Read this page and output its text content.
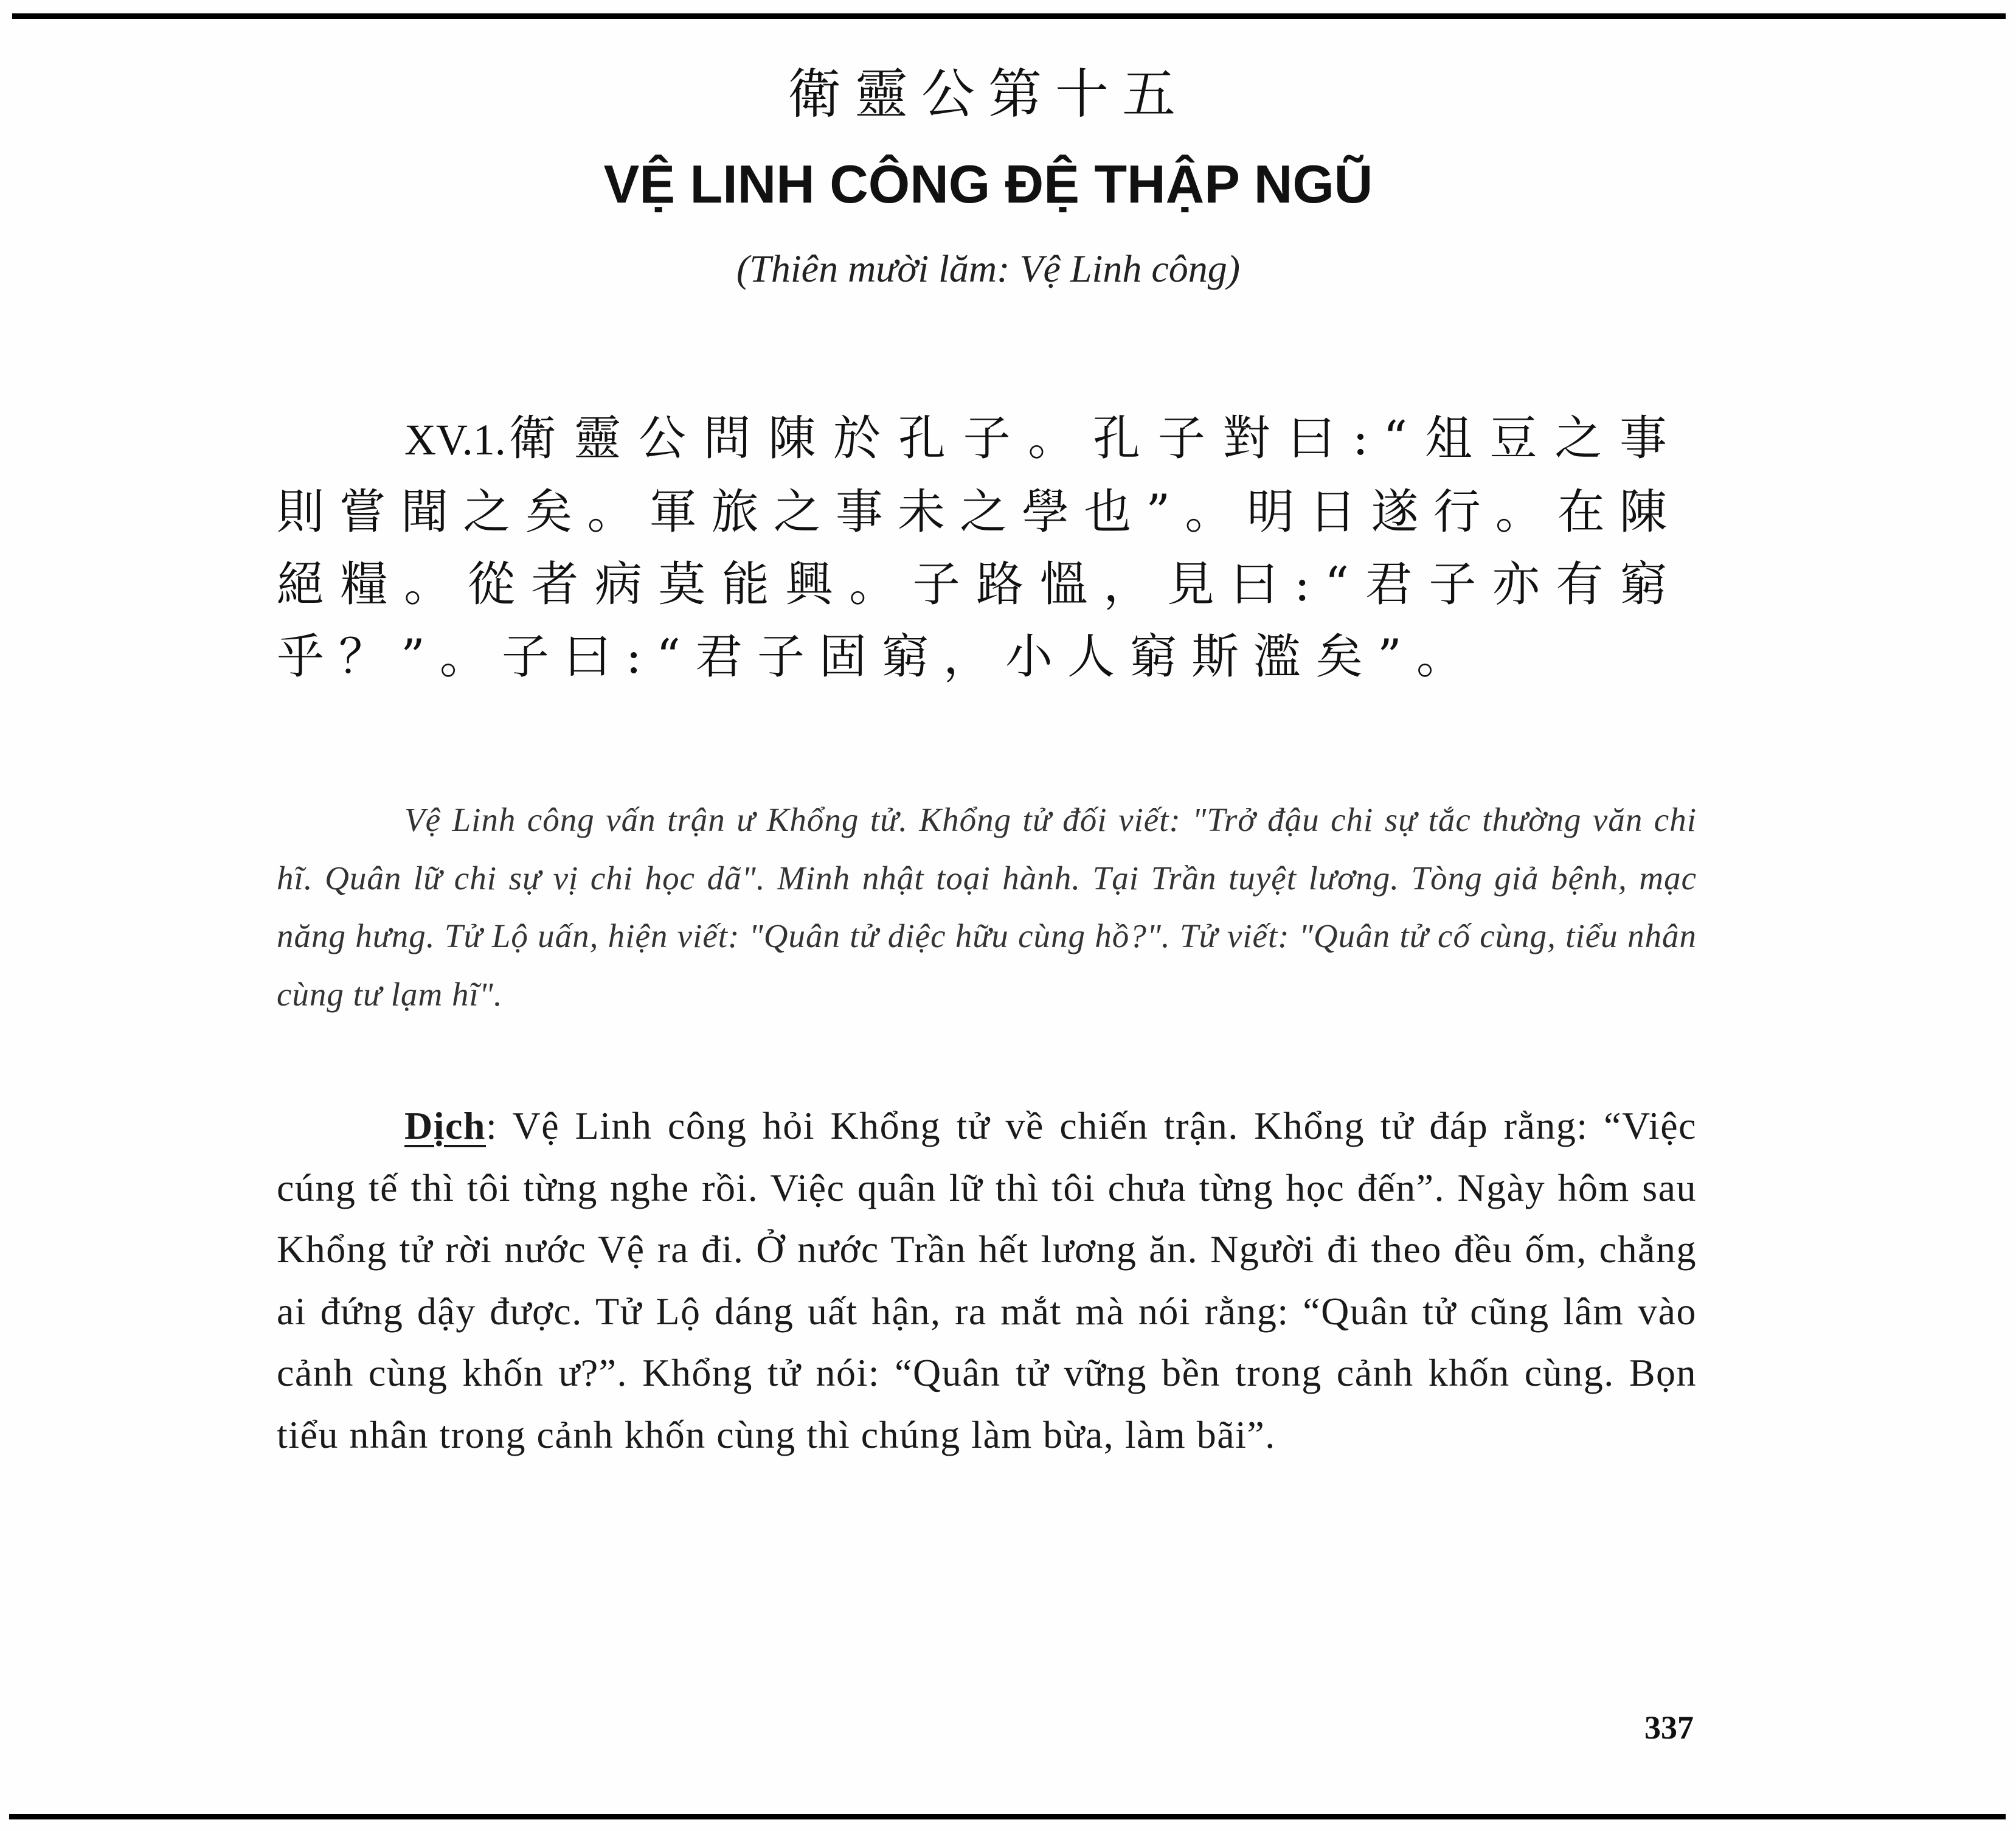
衛靈公第十五
VỆ LINH CÔNG ĐỆ THẬP NGŨ
(Thiên mười lăm: Vệ Linh công)
XV.1.衛靈公問陳於孔子。孔子對曰:“俎豆之事則嘗聞之矣。軍旅之事未之學也”。明日遂行。在陳絕糧。從者病莫能興。子路慍，見曰:“君子亦有窮乎？”。子曰:“君子固窮，小人窮斯濫矣”。
Vệ Linh công vấn trận ư Khổng tử. Khổng tử đối viết: "Trở đậu chi sự tắc thường văn chi hĩ. Quân lữ chi sự vị chi học dã". Minh nhật toại hành. Tại Trần tuyệt lương. Tòng giả bệnh, mạc năng hưng. Tử Lộ uấn, hiện viết: "Quân tử diệc hữu cùng hồ?". Tử viết: "Quân tử cố cùng, tiểu nhân cùng tư lạm hĩ".
Dịch: Vệ Linh công hỏi Khổng tử về chiến trận. Khổng tử đáp rằng: “Việc cúng tế thì tôi từng nghe rồi. Việc quân lữ thì tôi chưa từng học đến”. Ngày hôm sau Khổng tử rời nước Vệ ra đi. Ở nước Trần hết lương ăn. Người đi theo đều ốm, chẳng ai đứng dậy được. Tử Lộ dáng uất hận, ra mắt mà nói rằng: “Quân tử cũng lâm vào cảnh cùng khốn ư?”. Khổng tử nói: “Quân tử vững bền trong cảnh khốn cùng. Bọn tiểu nhân trong cảnh khốn cùng thì chúng làm bừa, làm bãi”.
337
